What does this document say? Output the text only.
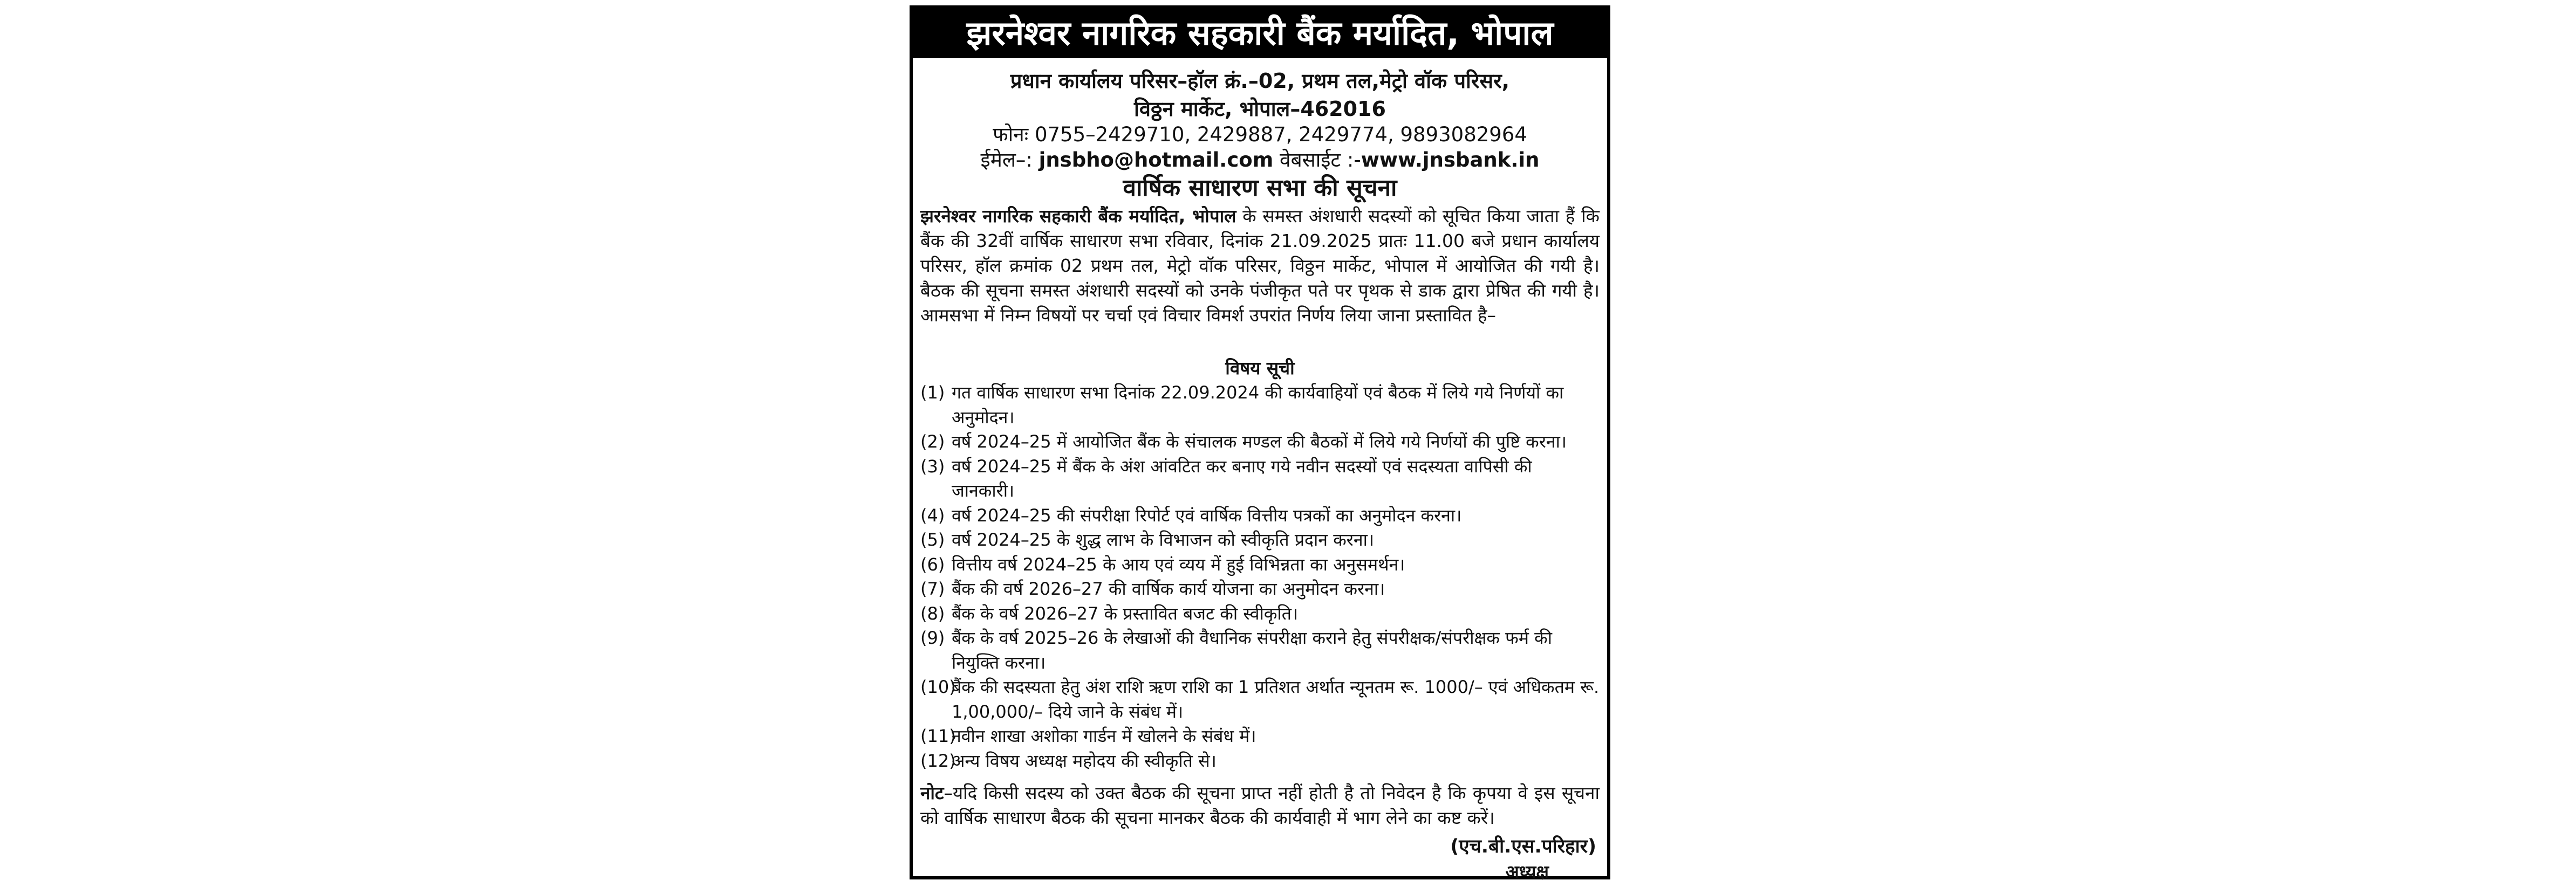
झरनेश्वर नागरिक सहकारी बैंक मर्यादित, भोपाल
प्रधान कार्यालय परिसर–हॉल क्रं.–02, प्रथम तल,मेट्रो वॉक परिसर,
विठ्ठन मार्केट, भोपाल–462016
फोनः 0755–2429710, 2429887, 2429774, 9893082964
ईमेल–: jnsbho@hotmail.com वेबसाईट :-www.jnsbank.in
वार्षिक साधारण सभा की सूचना
झरनेश्वर नागरिक सहकारी बैंक मर्यादित, भोपाल के समस्त अंशधारी सदस्यों को सूचित किया जाता हैं कि बैंक की 32वीं वार्षिक साधारण सभा रविवार, दिनांक 21.09.2025 प्रातः 11.00 बजे प्रधान कार्यालय परिसर, हॉल क्रमांक 02 प्रथम तल, मेट्रो वॉक परिसर, विठ्ठन मार्केट, भोपाल में आयोजित की गयी है। बैठक की सूचना समस्त अंशधारी सदस्यों को उनके पंजीकृत पते पर पृथक से डाक द्वारा प्रेषित की गयी है। आमसभा में निम्न विषयों पर चर्चा एवं विचार विमर्श उपरांत निर्णय लिया जाना प्रस्तावित है–
विषय सूची
(1) गत वार्षिक साधारण सभा दिनांक 22.09.2024 की कार्यवाहियों एवं बैठक में लिये गये निर्णयों का अनुमोदन।
(2) वर्ष 2024–25 में आयोजित बैंक के संचालक मण्डल की बैठकों में लिये गये निर्णयों की पुष्टि करना।
(3) वर्ष 2024–25 में बैंक के अंश आंवटित कर बनाए गये नवीन सदस्यों एवं सदस्यता वापिसी की जानकारी।
(4) वर्ष 2024–25 की संपरीक्षा रिपोर्ट एवं वार्षिक वित्तीय पत्रकों का अनुमोदन करना।
(5) वर्ष 2024–25 के शुद्ध लाभ के विभाजन को स्वीकृति प्रदान करना।
(6) वित्तीय वर्ष 2024–25 के आय एवं व्यय में हुई विभिन्नता का अनुसमर्थन।
(7) बैंक की वर्ष 2026–27 की वार्षिक कार्य योजना का अनुमोदन करना।
(8) बैंक के वर्ष 2026–27 के प्रस्तावित बजट की स्वीकृति।
(9) बैंक के वर्ष 2025–26 के लेखाओं की वैधानिक संपरीक्षा कराने हेतु संपरीक्षक/संपरीक्षक फर्म की नियुक्ति करना।
(10)
बैंक की सदस्यता हेतु अंश राशि ऋण राशि का 1 प्रतिशत अर्थात न्यूनतम रू. 1000/– एवं अधिकतम रू. 1,00,000/– दिये जाने के संबंध में।
(11)
नवीन शाखा अशोका गार्डन में खोलने के संबंध में।
(12)
अन्य विषय अध्यक्ष महोदय की स्वीकृति से।
नोट–यदि किसी सदस्य को उक्त बैठक की सूचना प्राप्त नहीं होती है तो निवेदन है कि कृपया वे इस सूचना को वार्षिक साधारण बैठक की सूचना मानकर बैठक की कार्यवाही में भाग लेने का कष्ट करें।
(एच.बी.एस.परिहार)
अध्यक्ष
